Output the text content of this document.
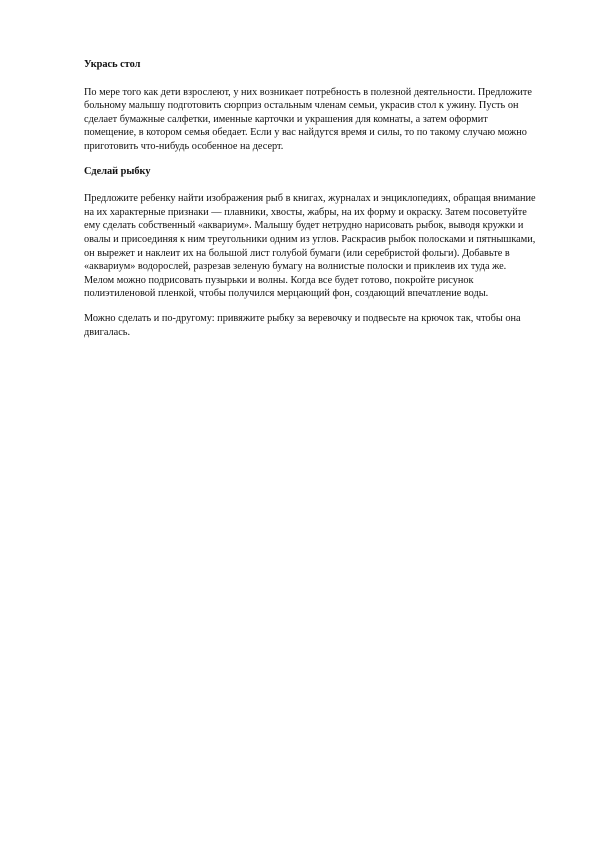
Укрась стол

По мере того как дети взрослеют, у них возникает потребность в полезной деятельности. Предложите больному малышу подготовить сюрприз остальным членам семьи, украсив стол к ужину. Пусть он сделает бумажные салфетки, именные карточки и украшения для комнаты, а затем оформит помещение, в котором семья обедает. Если у вас найдутся время и силы, то по такому случаю можно приготовить что-нибудь особенное на десерт.

Сделай рыбку

Предложите ребенку найти изображения рыб в книгах, журналах и энциклопедиях, обращая внимание на их характерные признаки — плавники, хвосты, жабры, на их форму и окраску. Затем посоветуйте ему сделать собственный «аквариум». Малышу будет нетрудно нарисовать рыбок, выводя кружки и овалы и присоединяя к ним треугольники одним из углов. Раскрасив рыбок полосками и пятнышками, он вырежет и наклеит их на большой лист голубой бумаги (или серебристой фольги). Добавьте в «аквариум» водорослей, разрезав зеленую бумагу на волнистые полоски и приклеив их туда же. Мелом можно подрисовать пузырьки и волны. Когда все будет готово, покройте рисунок полиэтиленовой пленкой, чтобы получился мерцающий фон, создающий впечатление воды.

Можно сделать и по-другому: привяжите рыбку за веревочку и подвесьте на крючок так, чтобы она двигалась.
